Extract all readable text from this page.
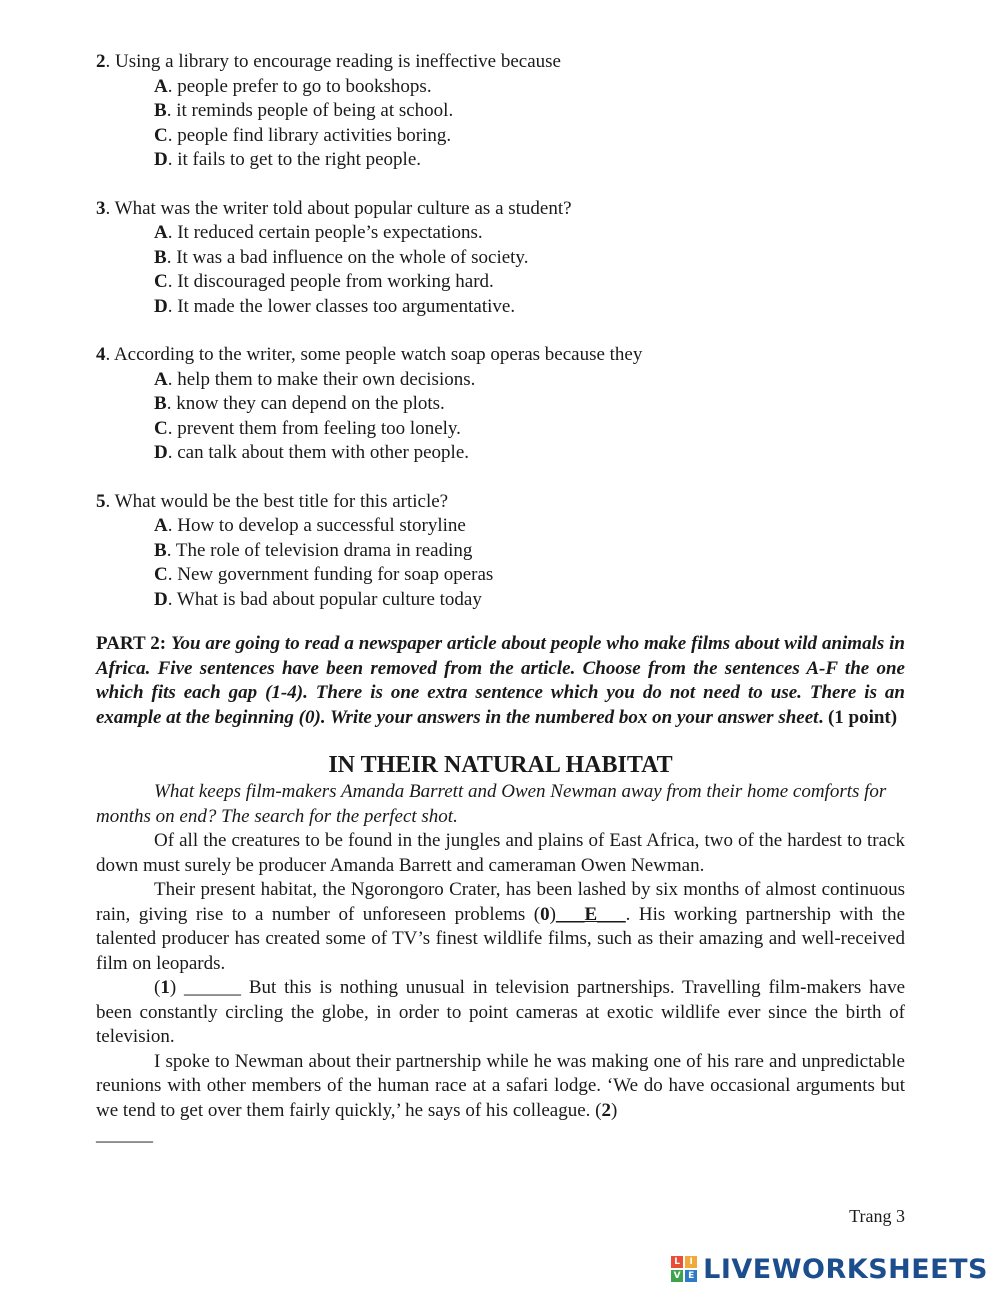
2. Using a library to encourage reading is ineffective because

A. people prefer to go to bookshops.

B. it reminds people of being at school.

C. people find library activities boring.

D. it fails to get to the right people.

3. What was the writer told about popular culture as a student?

A. It reduced certain people’s expectations.

B. It was a bad influence on the whole of society.

C. It discouraged people from working hard.

D. It made the lower classes too argumentative.

4. According to the writer, some people watch soap operas because they

A. help them to make their own decisions.

B. know they can depend on the plots.

C. prevent them from feeling too lonely.

D. can talk about them with other people.

5. What would be the best title for this article?

A. How to develop a successful storyline

B. The role of television drama in reading

C. New government funding for soap operas

D. What is bad about popular culture today

PART 2: You are going to read a newspaper article about people who make films about wild animals in Africa. Five sentences have been removed from the article. Choose from the sentences A-F the one which fits each gap (1-4). There is one extra sentence which you do not need to use. There is an example at the beginning (0). Write your answers in the numbered box on your answer sheet. (1 point)

IN THEIR NATURAL HABITAT

What keeps film-makers Amanda Barrett and Owen Newman away from their home comforts for months on end? The search for the perfect shot.

Of all the creatures to be found in the jungles and plains of East Africa, two of the hardest to track down must surely be producer Amanda Barrett and cameraman Owen Newman.

Their present habitat, the Ngorongoro Crater, has been lashed by six months of almost continuous rain, giving rise to a number of unforeseen problems (0)___E___. His working partnership with the talented producer has created some of TV’s finest wildlife films, such as their amazing and well-received film on leopards.

(1) ______ But this is nothing unusual in television partnerships. Travelling film-makers have been constantly circling the globe, in order to point cameras at exotic wildlife ever since the birth of television.

I spoke to Newman about their partnership while he was making one of his rare and unpredictable reunions with other members of the human race at a safari lodge. ‘We do have occasional arguments but we tend to get over them fairly quickly,’ he says of his colleague. (2)

______

Trang 3
L	I
V E LIVEWORKSHEETS
